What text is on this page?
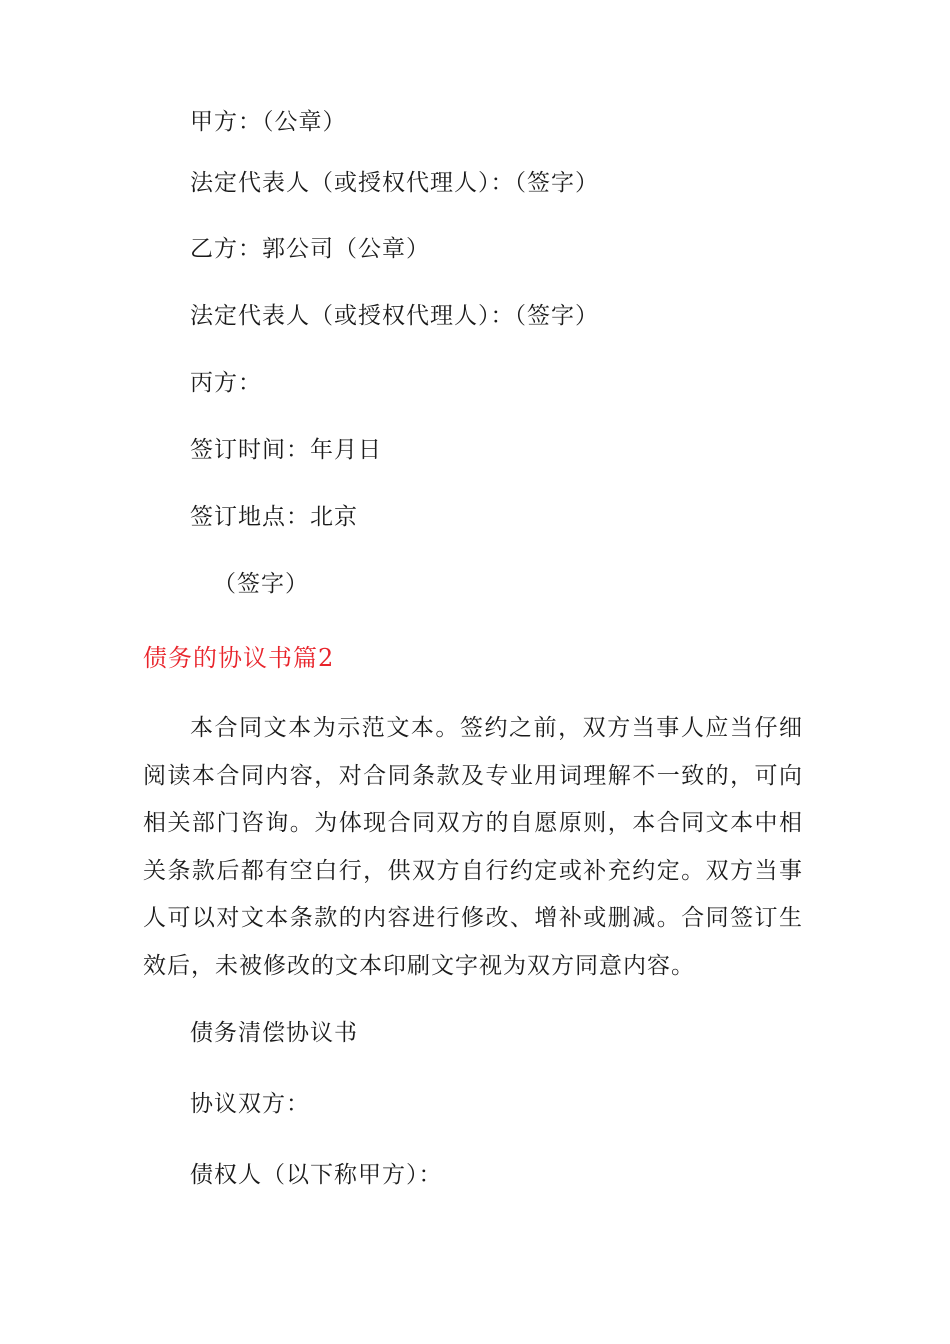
甲方：（公章）
法定代表人（或授权代理人）：（签字）
乙方：郭公司（公章）
法定代表人（或授权代理人）：（签字）
丙方：
签订时间：年月日
签订地点：北京
（签字）
债务的协议书篇2
本合同文本为示范文本。签约之前，双方当事人应当仔细阅读本合同内容，对合同条款及专业用词理解不一致的，可向相关部门咨询。为体现合同双方的自愿原则，本合同文本中相关条款后都有空白行，供双方自行约定或补充约定。双方当事人可以对文本条款的内容进行修改、增补或删减。合同签订生效后，未被修改的文本印刷文字视为双方同意内容。
债务清偿协议书
协议双方：
债权人（以下称甲方）：
